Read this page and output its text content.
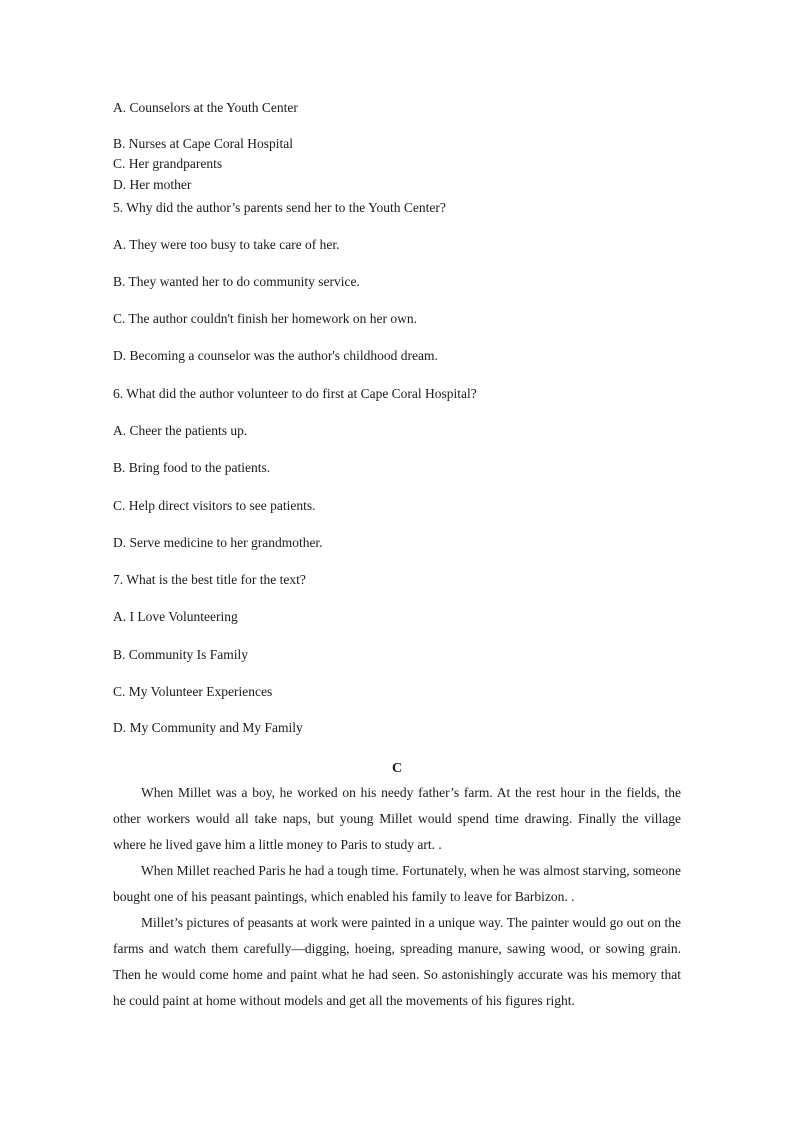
A. Counselors at the Youth Center
B. Nurses at Cape Coral Hospital
C. Her grandparents
D. Her mother
5. Why did the author’s parents send her to the Youth Center?
A. They were too busy to take care of her.
B. They wanted her to do community service.
C. The author couldn't finish her homework on her own.
D. Becoming a counselor was the author's childhood dream.
6. What did the author volunteer to do first at Cape Coral Hospital?
A. Cheer the patients up.
B. Bring food to the patients.
C. Help direct visitors to see patients.
D. Serve medicine to her grandmother.
7. What is the best title for the text?
A. I Love Volunteering
B. Community Is Family
C. My Volunteer Experiences
D. My Community and My Family
C
When Millet was a boy, he worked on his needy father’s farm. At the rest hour in the fields, the other workers would all take naps, but young Millet would spend time drawing. Finally the village where he lived gave him a little money to Paris to study art. .
When Millet reached Paris he had a tough time. Fortunately, when he was almost starving, someone bought one of his peasant paintings, which enabled his family to leave for Barbizon. .
Millet’s pictures of peasants at work were painted in a unique way. The painter would go out on the farms and watch them carefully—digging, hoeing, spreading manure, sawing wood, or sowing grain. Then he would come home and paint what he had seen. So astonishingly accurate was his memory that he could paint at home without models and get all the movements of his figures right.
